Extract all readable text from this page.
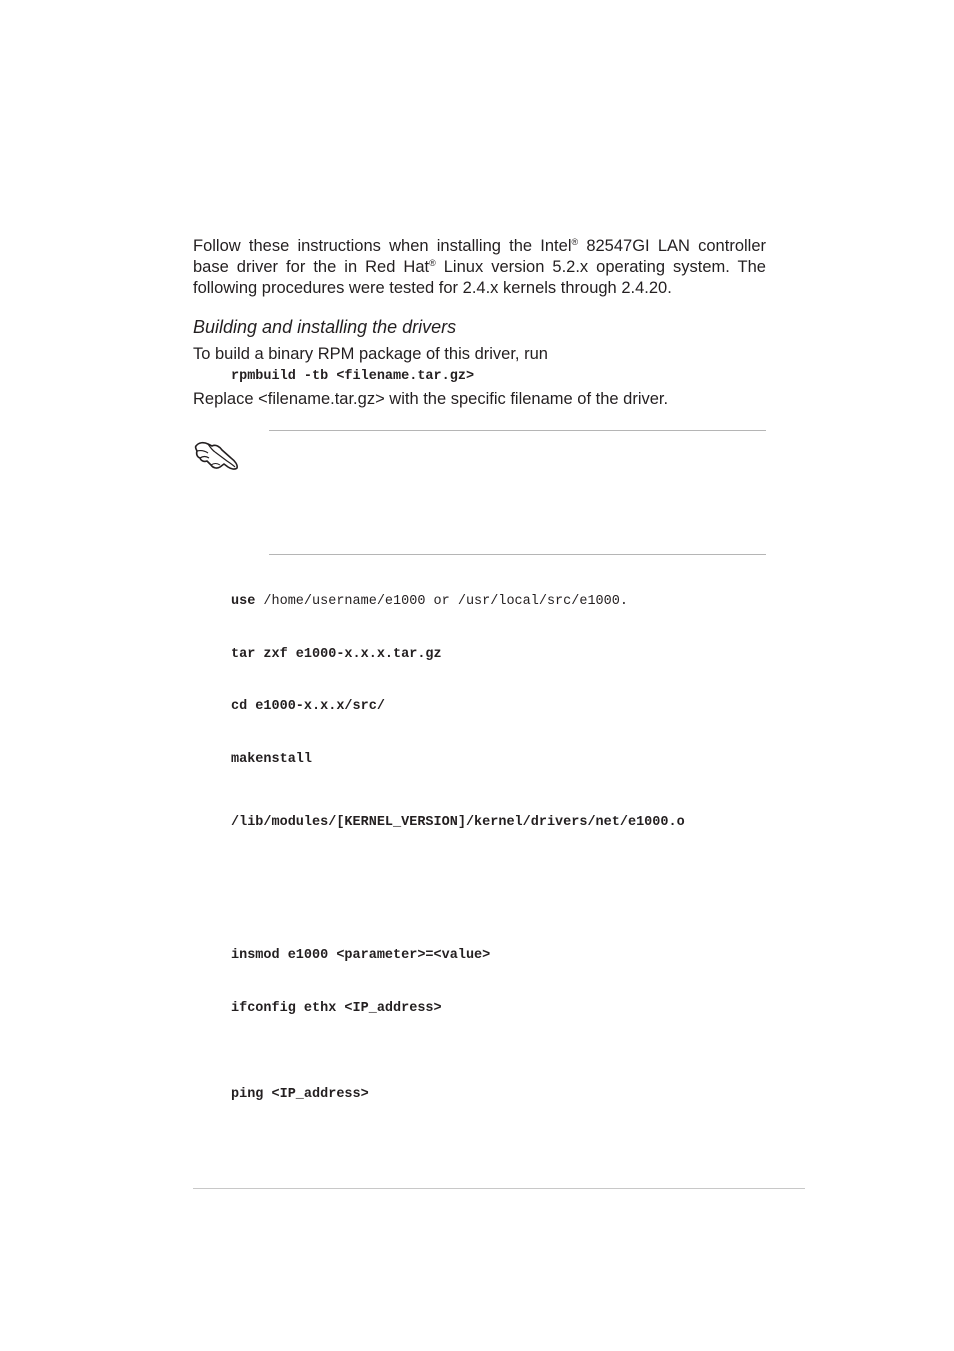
Follow these instructions when installing the Intel® 82547GI LAN controller base driver for the in Red Hat® Linux version 5.2.x operating system. The following procedures were tested for 2.4.x kernels through 2.4.20.

Building and installing the drivers

To build a binary RPM package of this driver, run

rpmbuild -tb <filename.tar.gz>

Replace <filename.tar.gz> with the specific filename of the driver.

use /home/username/e1000 or /usr/local/src/e1000.

tar zxf e1000-x.x.x.tar.gz

cd e1000-x.x.x/src/

makenstall

/lib/modules/[KERNEL_VERSION]/kernel/drivers/net/e1000.o

insmod e1000 <parameter>=<value>

ifconfig ethx <IP_address>

ping <IP_address>
